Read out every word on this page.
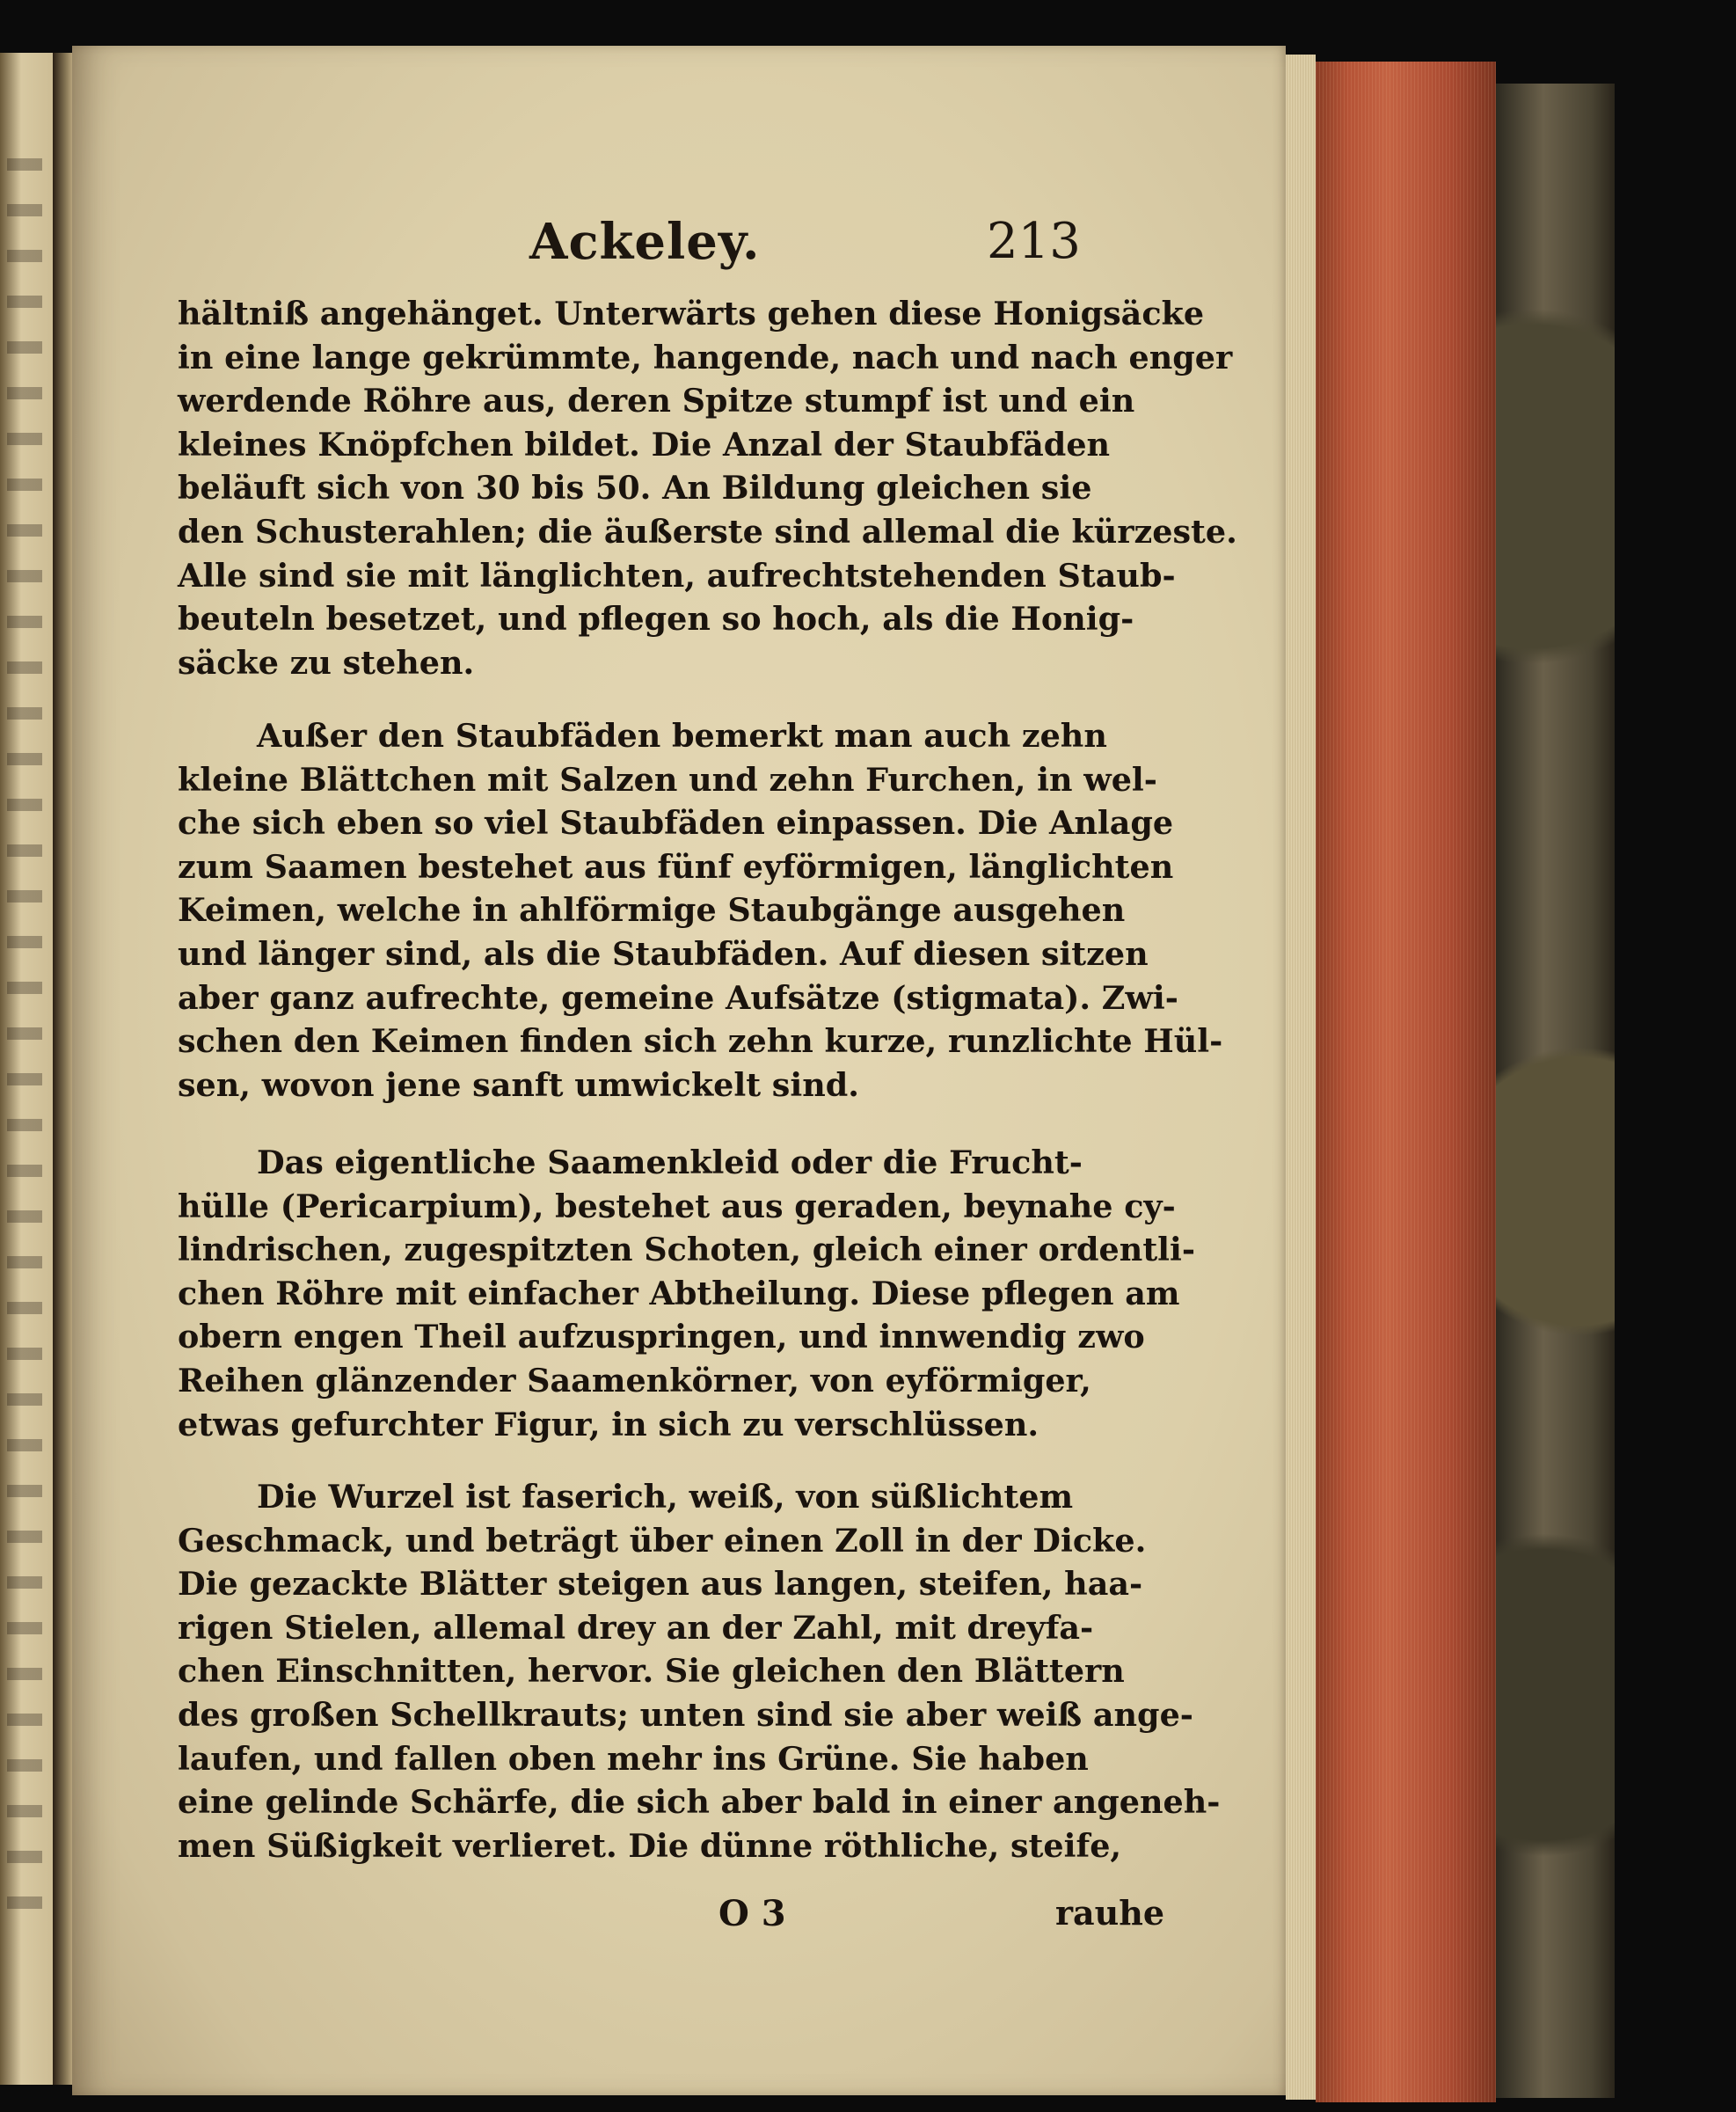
Ackeley.	213
hältniß angehänget. Unterwärts gehen diese Honigsäcke
in eine lange gekrümmte, hangende, nach und nach enger
werdende Röhre aus, deren Spitze stumpf ist und ein
kleines Knöpfchen bildet. Die Anzal der Staubfäden
beläuft sich von 30 bis 50. An Bildung gleichen sie
den Schusterahlen; die äußerste sind allemal die kürzeste.
Alle sind sie mit länglichten, aufrechtstehenden Staub-
beuteln besetzet, und pflegen so hoch, als die Honig-
säcke zu stehen.
Außer den Staubfäden bemerkt man auch zehn
kleine Blättchen mit Salzen und zehn Furchen, in wel-
che sich eben so viel Staubfäden einpassen. Die Anlage
zum Saamen bestehet aus fünf eyförmigen, länglichten
Keimen, welche in ahlförmige Staubgänge ausgehen
und länger sind, als die Staubfäden. Auf diesen sitzen
aber ganz aufrechte, gemeine Aufsätze (stigmata). Zwi-
schen den Keimen finden sich zehn kurze, runzlichte Hül-
sen, wovon jene sanft umwickelt sind.
Das eigentliche Saamenkleid oder die Frucht-
hülle (Pericarpium), bestehet aus geraden, beynahe cy-
lindrischen, zugespitzten Schoten, gleich einer ordentli-
chen Röhre mit einfacher Abtheilung. Diese pflegen am
obern engen Theil aufzuspringen, und innwendig zwo
Reihen glänzender Saamenkörner, von eyförmiger,
etwas gefurchter Figur, in sich zu verschlüssen.
Die Wurzel ist faserich, weiß, von süßlichtem
Geschmack, und beträgt über einen Zoll in der Dicke.
Die gezackte Blätter steigen aus langen, steifen, haa-
rigen Stielen, allemal drey an der Zahl, mit dreyfa-
chen Einschnitten, hervor. Sie gleichen den Blättern
des großen Schellkrauts; unten sind sie aber weiß ange-
laufen, und fallen oben mehr ins Grüne. Sie haben
eine gelinde Schärfe, die sich aber bald in einer angeneh-
men Süßigkeit verlieret. Die dünne röthliche, steife,
O 3	rauhe
